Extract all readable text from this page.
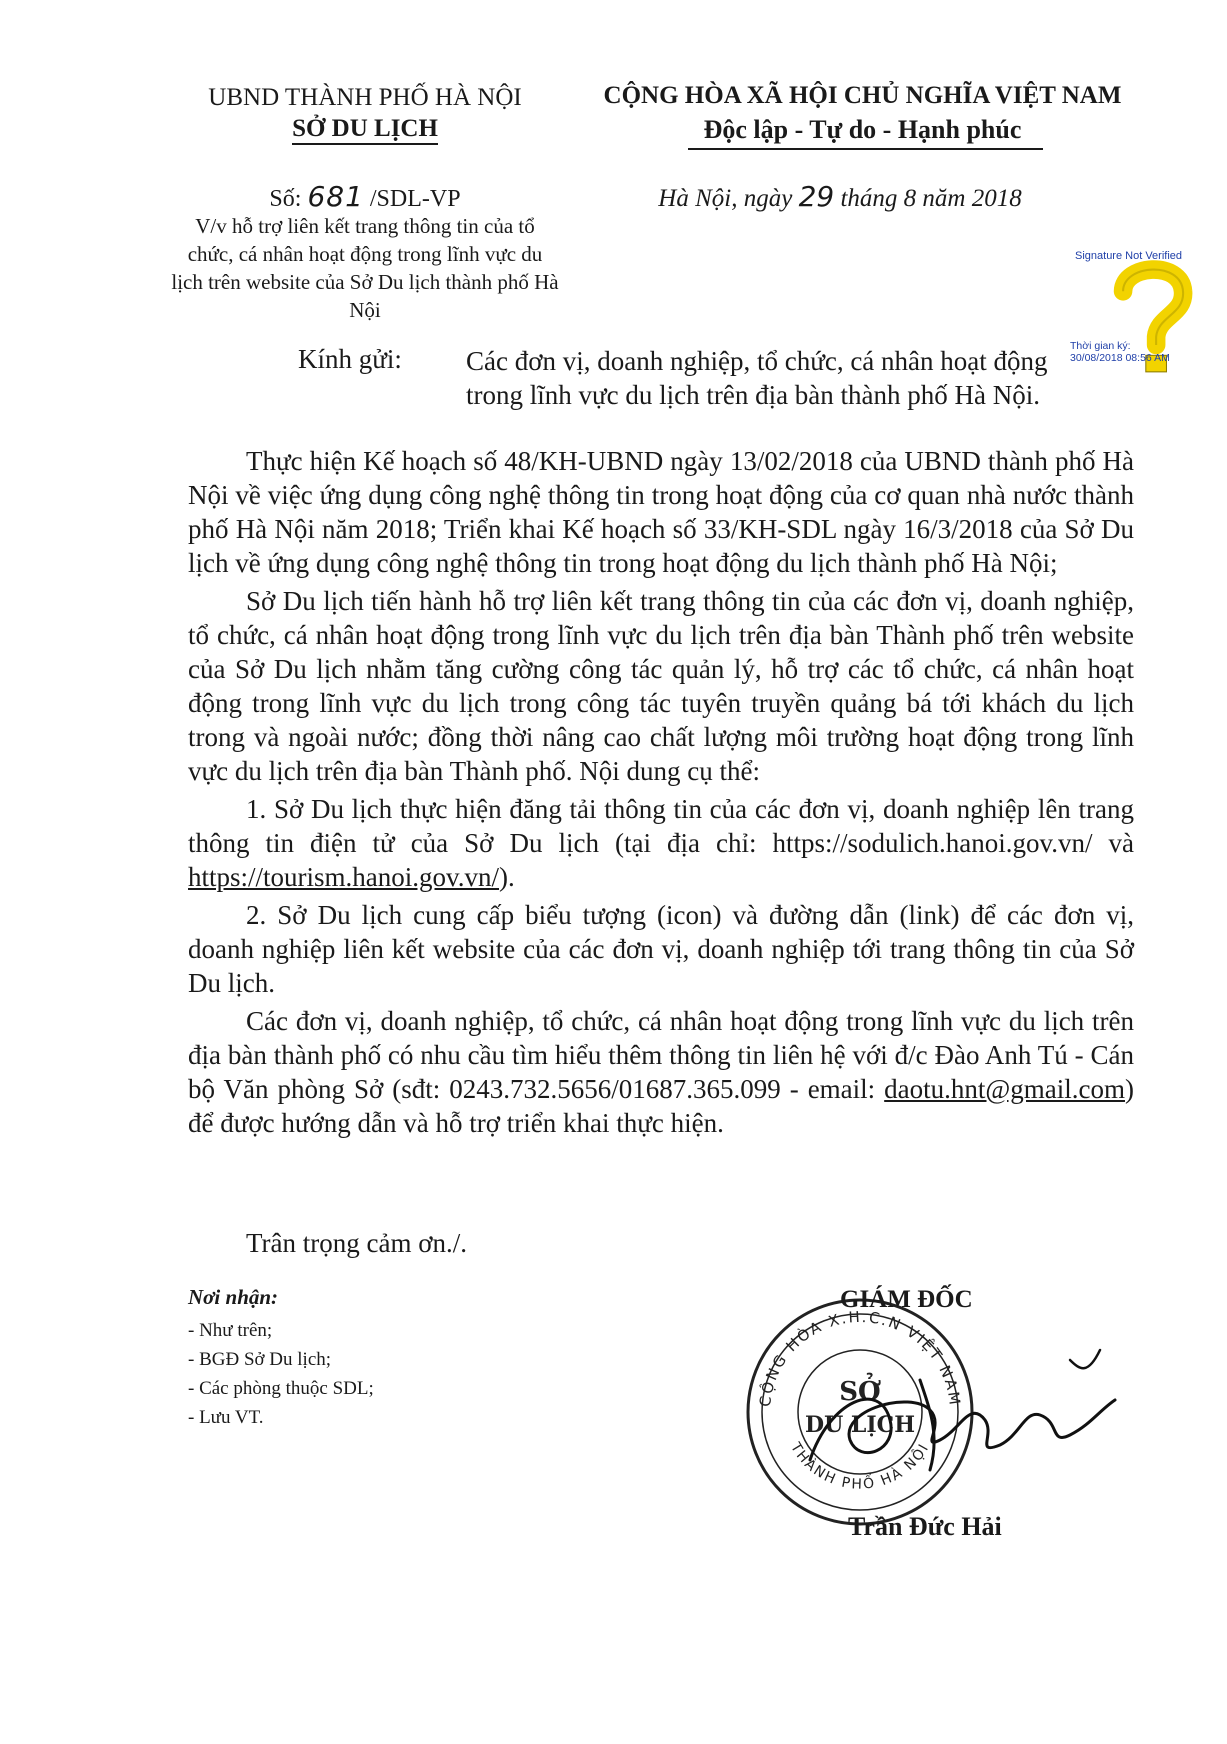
UBND THÀNH PHỐ HÀ NỘI
SỞ DU LỊCH
CỘNG HÒA XÃ HỘI CHỦ NGHĨA VIỆT NAM
Độc lập - Tự do - Hạnh phúc
Số: 681 /SDL-VP
V/v hỗ trợ liên kết trang thông tin của tổ chức, cá nhân hoạt động trong lĩnh vực du lịch trên website của Sở Du lịch thành phố Hà Nội
Hà Nội, ngày 29 tháng 8 năm 2018
Signature Not Verified
Thời gian ký:
30/08/2018 08:56 AM
Kính gửi: Các đơn vị, doanh nghiệp, tổ chức, cá nhân hoạt động trong lĩnh vực du lịch trên địa bàn thành phố Hà Nội.

Thực hiện Kế hoạch số 48/KH-UBND ngày 13/02/2018 của UBND thành phố Hà Nội về việc ứng dụng công nghệ thông tin trong hoạt động của cơ quan nhà nước thành phố Hà Nội năm 2018; Triển khai Kế hoạch số 33/KH-SDL ngày 16/3/2018 của Sở Du lịch về ứng dụng công nghệ thông tin trong hoạt động du lịch thành phố Hà Nội;

Sở Du lịch tiến hành hỗ trợ liên kết trang thông tin của các đơn vị, doanh nghiệp, tổ chức, cá nhân hoạt động trong lĩnh vực du lịch trên địa bàn Thành phố trên website của Sở Du lịch nhằm tăng cường công tác quản lý, hỗ trợ các tổ chức, cá nhân hoạt động trong lĩnh vực du lịch trong công tác tuyên truyền quảng bá tới khách du lịch trong và ngoài nước; đồng thời nâng cao chất lượng môi trường hoạt động trong lĩnh vực du lịch trên địa bàn Thành phố. Nội dung cụ thể:

1. Sở Du lịch thực hiện đăng tải thông tin của các đơn vị, doanh nghiệp lên trang thông tin điện tử của Sở Du lịch (tại địa chỉ: https://sodulich.hanoi.gov.vn/ và https://tourism.hanoi.gov.vn/).

2. Sở Du lịch cung cấp biểu tượng (icon) và đường dẫn (link) để các đơn vị, doanh nghiệp liên kết website của các đơn vị, doanh nghiệp tới trang thông tin của Sở Du lịch.

Các đơn vị, doanh nghiệp, tổ chức, cá nhân hoạt động trong lĩnh vực du lịch trên địa bàn thành phố có nhu cầu tìm hiểu thêm thông tin liên hệ với đ/c Đào Anh Tú - Cán bộ Văn phòng Sở (sđt: 0243.732.5656/01687.365.099 - email: daotu.hnt@gmail.com) để được hướng dẫn và hỗ trợ triển khai thực hiện.

Trân trọng cảm ơn./.
Nơi nhận:
- Như trên;
- BGĐ Sở Du lịch;
- Các phòng thuộc SDL;
- Lưu VT.
CỘNG HÒA X.H.C.N VIỆT NAM
THÀNH PHỐ HÀ NỘI
SỞ
DU LỊCH
GIÁM ĐỐC
Trần Đức Hải
